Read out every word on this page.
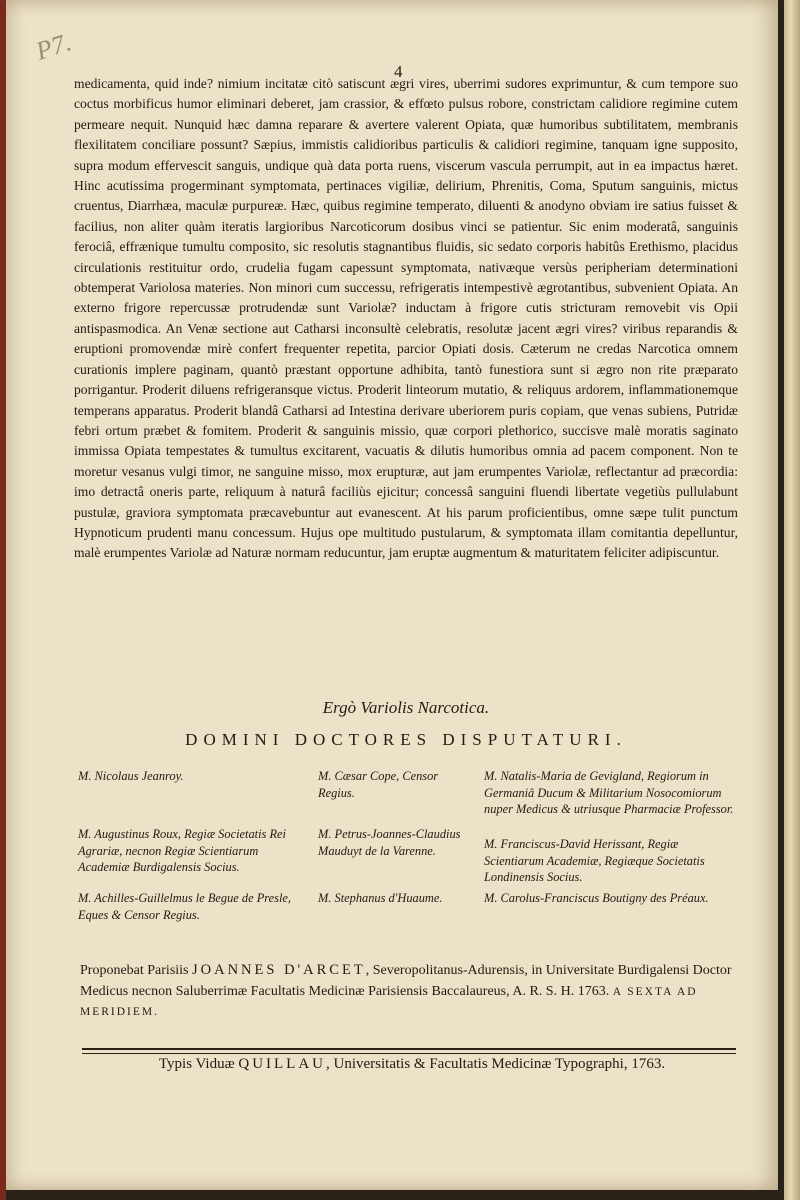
P7.
4

medicamenta, quid inde? nimium incitatæ citò satiscunt ægri vires, uberrimi sudores exprimuntur, & cum tempore suo coctus morbificus humor eliminari deberet, jam crassior, & effœto pulsus robore, constrictam calidiore regimine cutem permeare nequit. Nunquid hæc damna reparare & avertere valerent Opiata, quæ humoribus subtilitatem, membranis flexilitatem conciliare possunt? Sæpius, immistis calidioribus particulis & calidiori regimine, tanquam igne supposito, supra modum effervescit sanguis, undique quà data porta ruens, viscerum vascula perrumpit, aut in ea impactus hæret. Hinc acutissima progerminant symptomata, pertinaces vigiliæ, delirium, Phrenitis, Coma, Sputum sanguinis, mictus cruentus, Diarrhæa, maculæ purpureæ. Hæc, quibus regimine temperato, diluenti & anodyno obviam ire satius fuisset & facilius, non aliter quàm iteratis largioribus Narcoticorum dosibus vinci se patientur. Sic enim moderatâ, sanguinis ferociâ, effrænique tumultu composito, sic resolutis stagnantibus fluidis, sic sedato corporis habitûs Erethismo, placidus circulationis restituitur ordo, crudelia fugam capessunt symptomata, nativæque versùs peripheriam determinationi obtemperat Variolosa materies. Non minori cum successu, refrigeratis intempestivè ægrotantibus, subvenient Opiata. An externo frigore repercussæ protrudendæ sunt Variolæ? inductam à frigore cutis stricturam removebit vis Opii antispasmodica. An Venæ sectione aut Catharsi inconsultè celebratis, resolutæ jacent ægri vires? viribus reparandis & eruptioni promovendæ mirè confert frequenter repetita, parcior Opiati dosis. Cæterum ne credas Narcotica omnem curationis implere paginam, quantò præstant opportune adhibita, tantò funestiora sunt si ægro non rite præparato porrigantur. Proderit diluens refrigeransque victus. Proderit linteorum mutatio, & reliquus ardorem, inflammationemque temperans apparatus. Proderit blandâ Catharsi ad Intestina derivare uberiorem puris copiam, que venas subiens, Putridæ febri ortum præbet & fomitem. Proderit & sanguinis missio, quæ corpori plethorico, succisve malè moratis saginato immissa Opiata tempestates & tumultus excitarent, vacuatis & dilutis humoribus omnia ad pacem component. Non te moretur vesanus vulgi timor, ne sanguine misso, mox erupturæ, aut jam erumpentes Variolæ, reflectantur ad præcordia: imo detractâ oneris parte, reliquum à naturâ faciliùs ejicitur; concessâ sanguini fluendi libertate vegetiùs pullulabunt pustulæ, graviora symptomata præcavebuntur aut evanescent. At his parum proficientibus, omne sæpe tulit punctum Hypnoticum prudenti manu concessum. Hujus ope multitudo pustularum, & symptomata illam comitantia depelluntur, malè erumpentes Variolæ ad Naturæ normam reducuntur, jam eruptæ augmentum & maturitatem feliciter adipiscuntur.

Ergò Variolis Narcotica.
DOMINI DOCTORES DISPUTATURI.
M. Nicolaus Jeanroy.
M. Augustinus Roux, Regiæ Societatis Rei Agrariæ, necnon Regiæ Scientiarum Academiæ Burdigalensis Socius.
M. Achilles-Guillelmus le Begue de Presle, Eques & Censor Regius.
M. Cæsar Cope, Censor Regius.
M. Petrus-Joannes-Claudius Mauduyt de la Varenne.
M. Stephanus d'Huaume.
M. Natalis-Maria de Gevigland, Regiorum in Germaniâ Ducum & Militarium Nosocomiorum nuper Medicus & utriusque Pharmaciæ Professor.
M. Franciscus-David Herissant, Regiæ Scientiarum Academiæ, Regiæque Societatis Londinensis Socius.
M. Carolus-Franciscus Boutigny des Préaux.

Proponebat Parisiis JOANNES D'ARCET, Severopolitanus-Adurensis, in Universitate Burdigalensi Doctor Medicus necnon Saluberrimæ Facultatis Medicinæ Parisiensis Baccalaureus, A. R. S. H. 1763. A SEXTA AD MERIDIEM.

Typis Viduæ QUILLAU, Universitatis & Facultatis Medicinæ Typographi, 1763.
